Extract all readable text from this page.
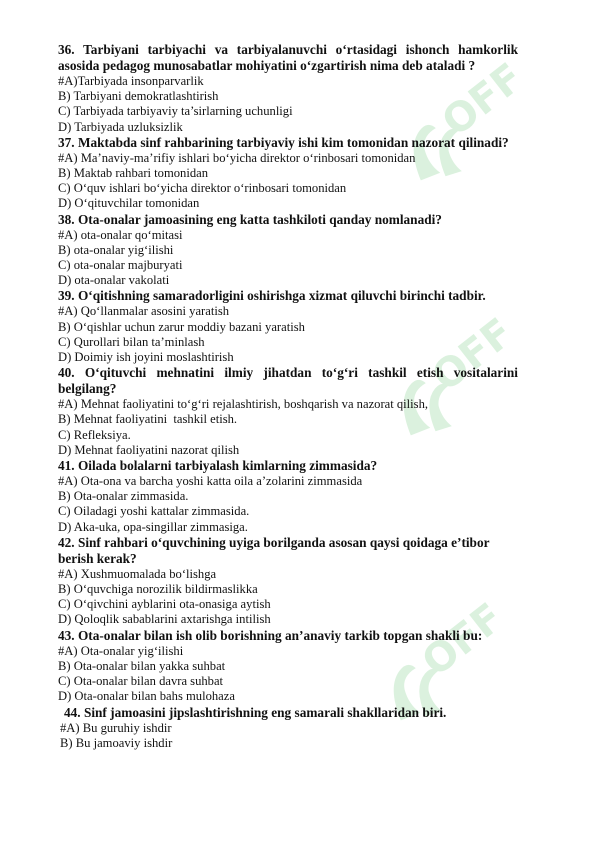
OFF
OFF
OFF

36. Tarbiyani tarbiyachi va tarbiyalanuvchi o‘rtasidagi ishonch hamkorlik asosida pedagog munosabatlar mohiyatini o‘zgartirish nima deb ataladi ?

#A)Tarbiyada insonparvarlik

B) Tarbiyani demokratlashtirish

C) Tarbiyada tarbiyaviy ta’sirlarning uchunligi

D) Tarbiyada uzluksizlik

37. Maktabda sinf rahbarining tarbiyaviy ishi kim tomonidan nazorat qilinadi?

#A) Ma’naviy-ma’rifiy ishlari bo‘yicha direktor o‘rinbosari tomonidan

B) Maktab rahbari tomonidan

C) O‘quv ishlari bo‘yicha direktor o‘rinbosari tomonidan

D) O‘qituvchilar tomonidan

38. Ota-onalar jamoasining eng katta tashkiloti qanday nomlanadi?

#A) ota-onalar qo‘mitasi

B) ota-onalar yig‘ilishi

C) ota-onalar majburyati

D) ota-onalar vakolati

39. O‘qitishning samaradorligini oshirishga xizmat qiluvchi birinchi tadbir.

#A) Qo‘llanmalar asosini yaratish

B) O‘qishlar uchun zarur moddiy bazani yaratish

C) Qurollari bilan ta’minlash

D) Doimiy ish joyini moslashtirish

40. O‘qituvchi mehnatini ilmiy jihatdan to‘g‘ri tashkil etish vositalarini belgilang?

#A) Mehnat faoliyatini to‘g‘ri rejalashtirish, boshqarish va nazorat qilish,

B) Mehnat faoliyatini  tashkil etish.

C) Refleksiya.

D) Mehnat faoliyatini nazorat qilish

41. Oilada bolalarni tarbiyalash kimlarning zimmasida?

#A) Ota-ona va barcha yoshi katta oila a’zolarini zimmasida

B) Ota-onalar zimmasida.

C) Oiladagi yoshi kattalar zimmasida.

D) Aka-uka, opa-singillar zimmasiga.

42. Sinf rahbari o‘quvchining uyiga borilganda asosan qaysi qoidaga e’tibor berish kerak?

#A) Xushmuomalada bo‘lishga

B) O‘quvchiga norozilik bildirmaslikka

C) O‘qivchini ayblarini ota-onasiga aytish

D) Qoloqlik sabablarini axtarishga intilish

43. Ota-onalar bilan ish olib borishning an’anaviy tarkib topgan shakli bu:

#A) Ota-onalar yig‘ilishi

B) Ota-onalar bilan yakka suhbat

C) Ota-onalar bilan davra suhbat

D) Ota-onalar bilan bahs mulohaza

44. Sinf jamoasini jipslashtirishning eng samarali shakllaridan biri.

#A) Bu guruhiy ishdir

B) Bu jamoaviy ishdir
